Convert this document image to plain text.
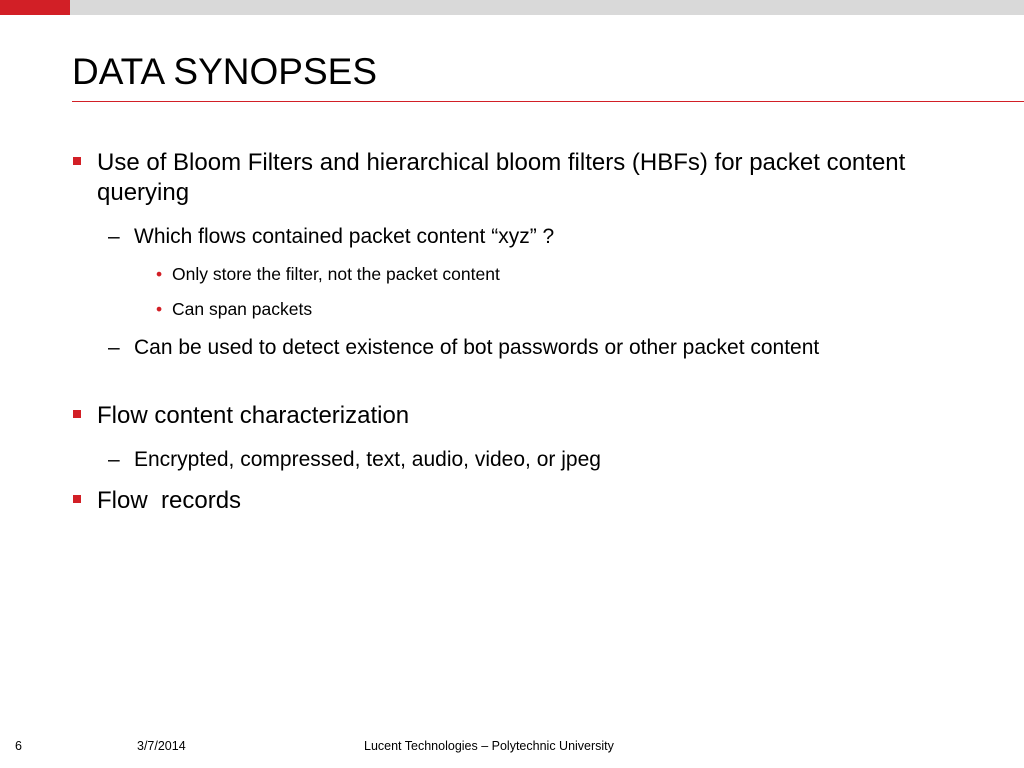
DATA SYNOPSES
Use of Bloom Filters and hierarchical bloom filters (HBFs) for packet content querying
– Which flows contained packet content “xyz” ?
• Only store the filter, not the packet content
• Can span packets
– Can be used to detect existence of bot passwords or other packet content
Flow content characterization
– Encrypted, compressed, text, audio, video, or jpeg
Flow  records
6	3/7/2014	Lucent Technologies – Polytechnic University
